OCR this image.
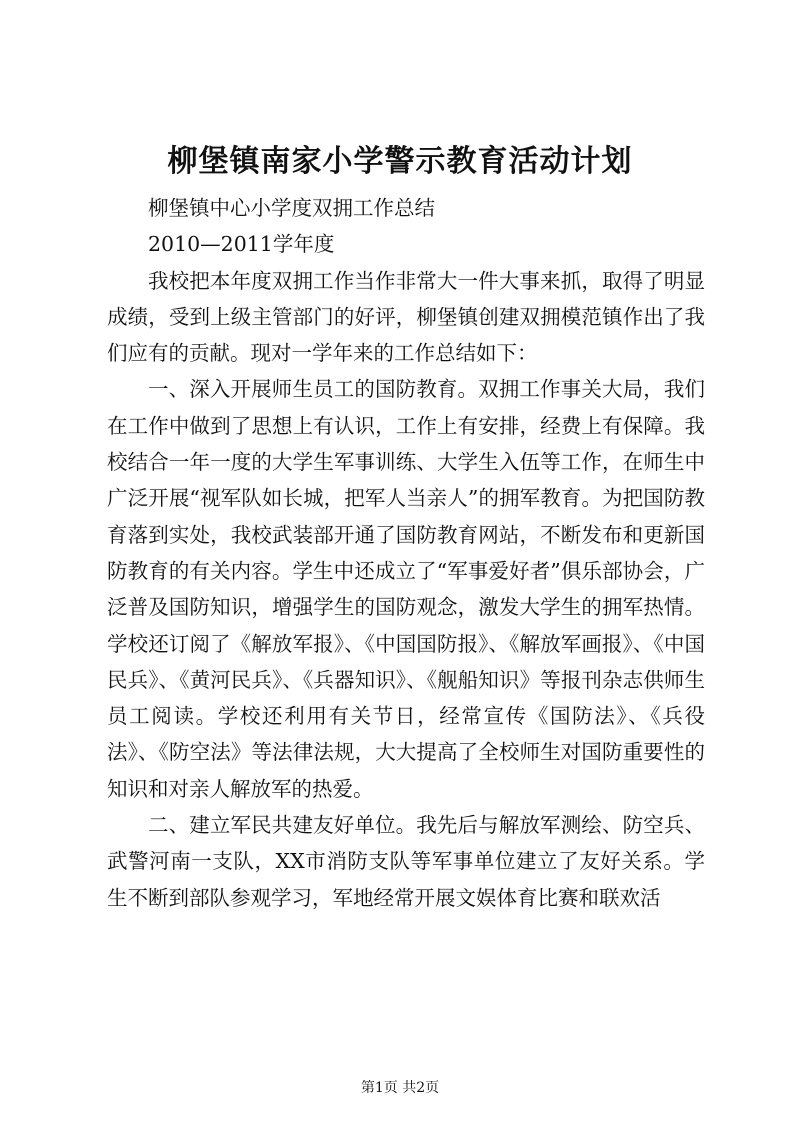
柳堡镇南家小学警示教育活动计划

柳堡镇中心小学度双拥工作总结

2010—2011学年度

我校把本年度双拥工作当作非常大一件大事来抓，取得了明显成绩，受到上级主管部门的好评，柳堡镇创建双拥模范镇作出了我们应有的贡献。现对一学年来的工作总结如下：

一、深入开展师生员工的国防教育。双拥工作事关大局，我们在工作中做到了思想上有认识，工作上有安排，经费上有保障。我校结合一年一度的大学生军事训练、大学生入伍等工作，在师生中广泛开展“视军队如长城，把军人当亲人”的拥军教育。为把国防教育落到实处，我校武装部开通了国防教育网站，不断发布和更新国防教育的有关内容。学生中还成立了“军事爱好者”俱乐部协会，广泛普及国防知识，增强学生的国防观念，激发大学生的拥军热情。学校还订阅了《解放军报》、《中国国防报》、《解放军画报》、《中国民兵》、《黄河民兵》、《兵器知识》、《舰船知识》等报刊杂志供师生员工阅读。学校还利用有关节日，经常宣传《国防法》、《兵役法》、《防空法》等法律法规，大大提高了全校师生对国防重要性的知识和对亲人解放军的热爱。

二、建立军民共建友好单位。我先后与解放军测绘、防空兵、武警河南一支队，XX市消防支队等军事单位建立了友好关系。学生不断到部队参观学习，军地经常开展文娱体育比赛和联欢活

第1页 共2页
